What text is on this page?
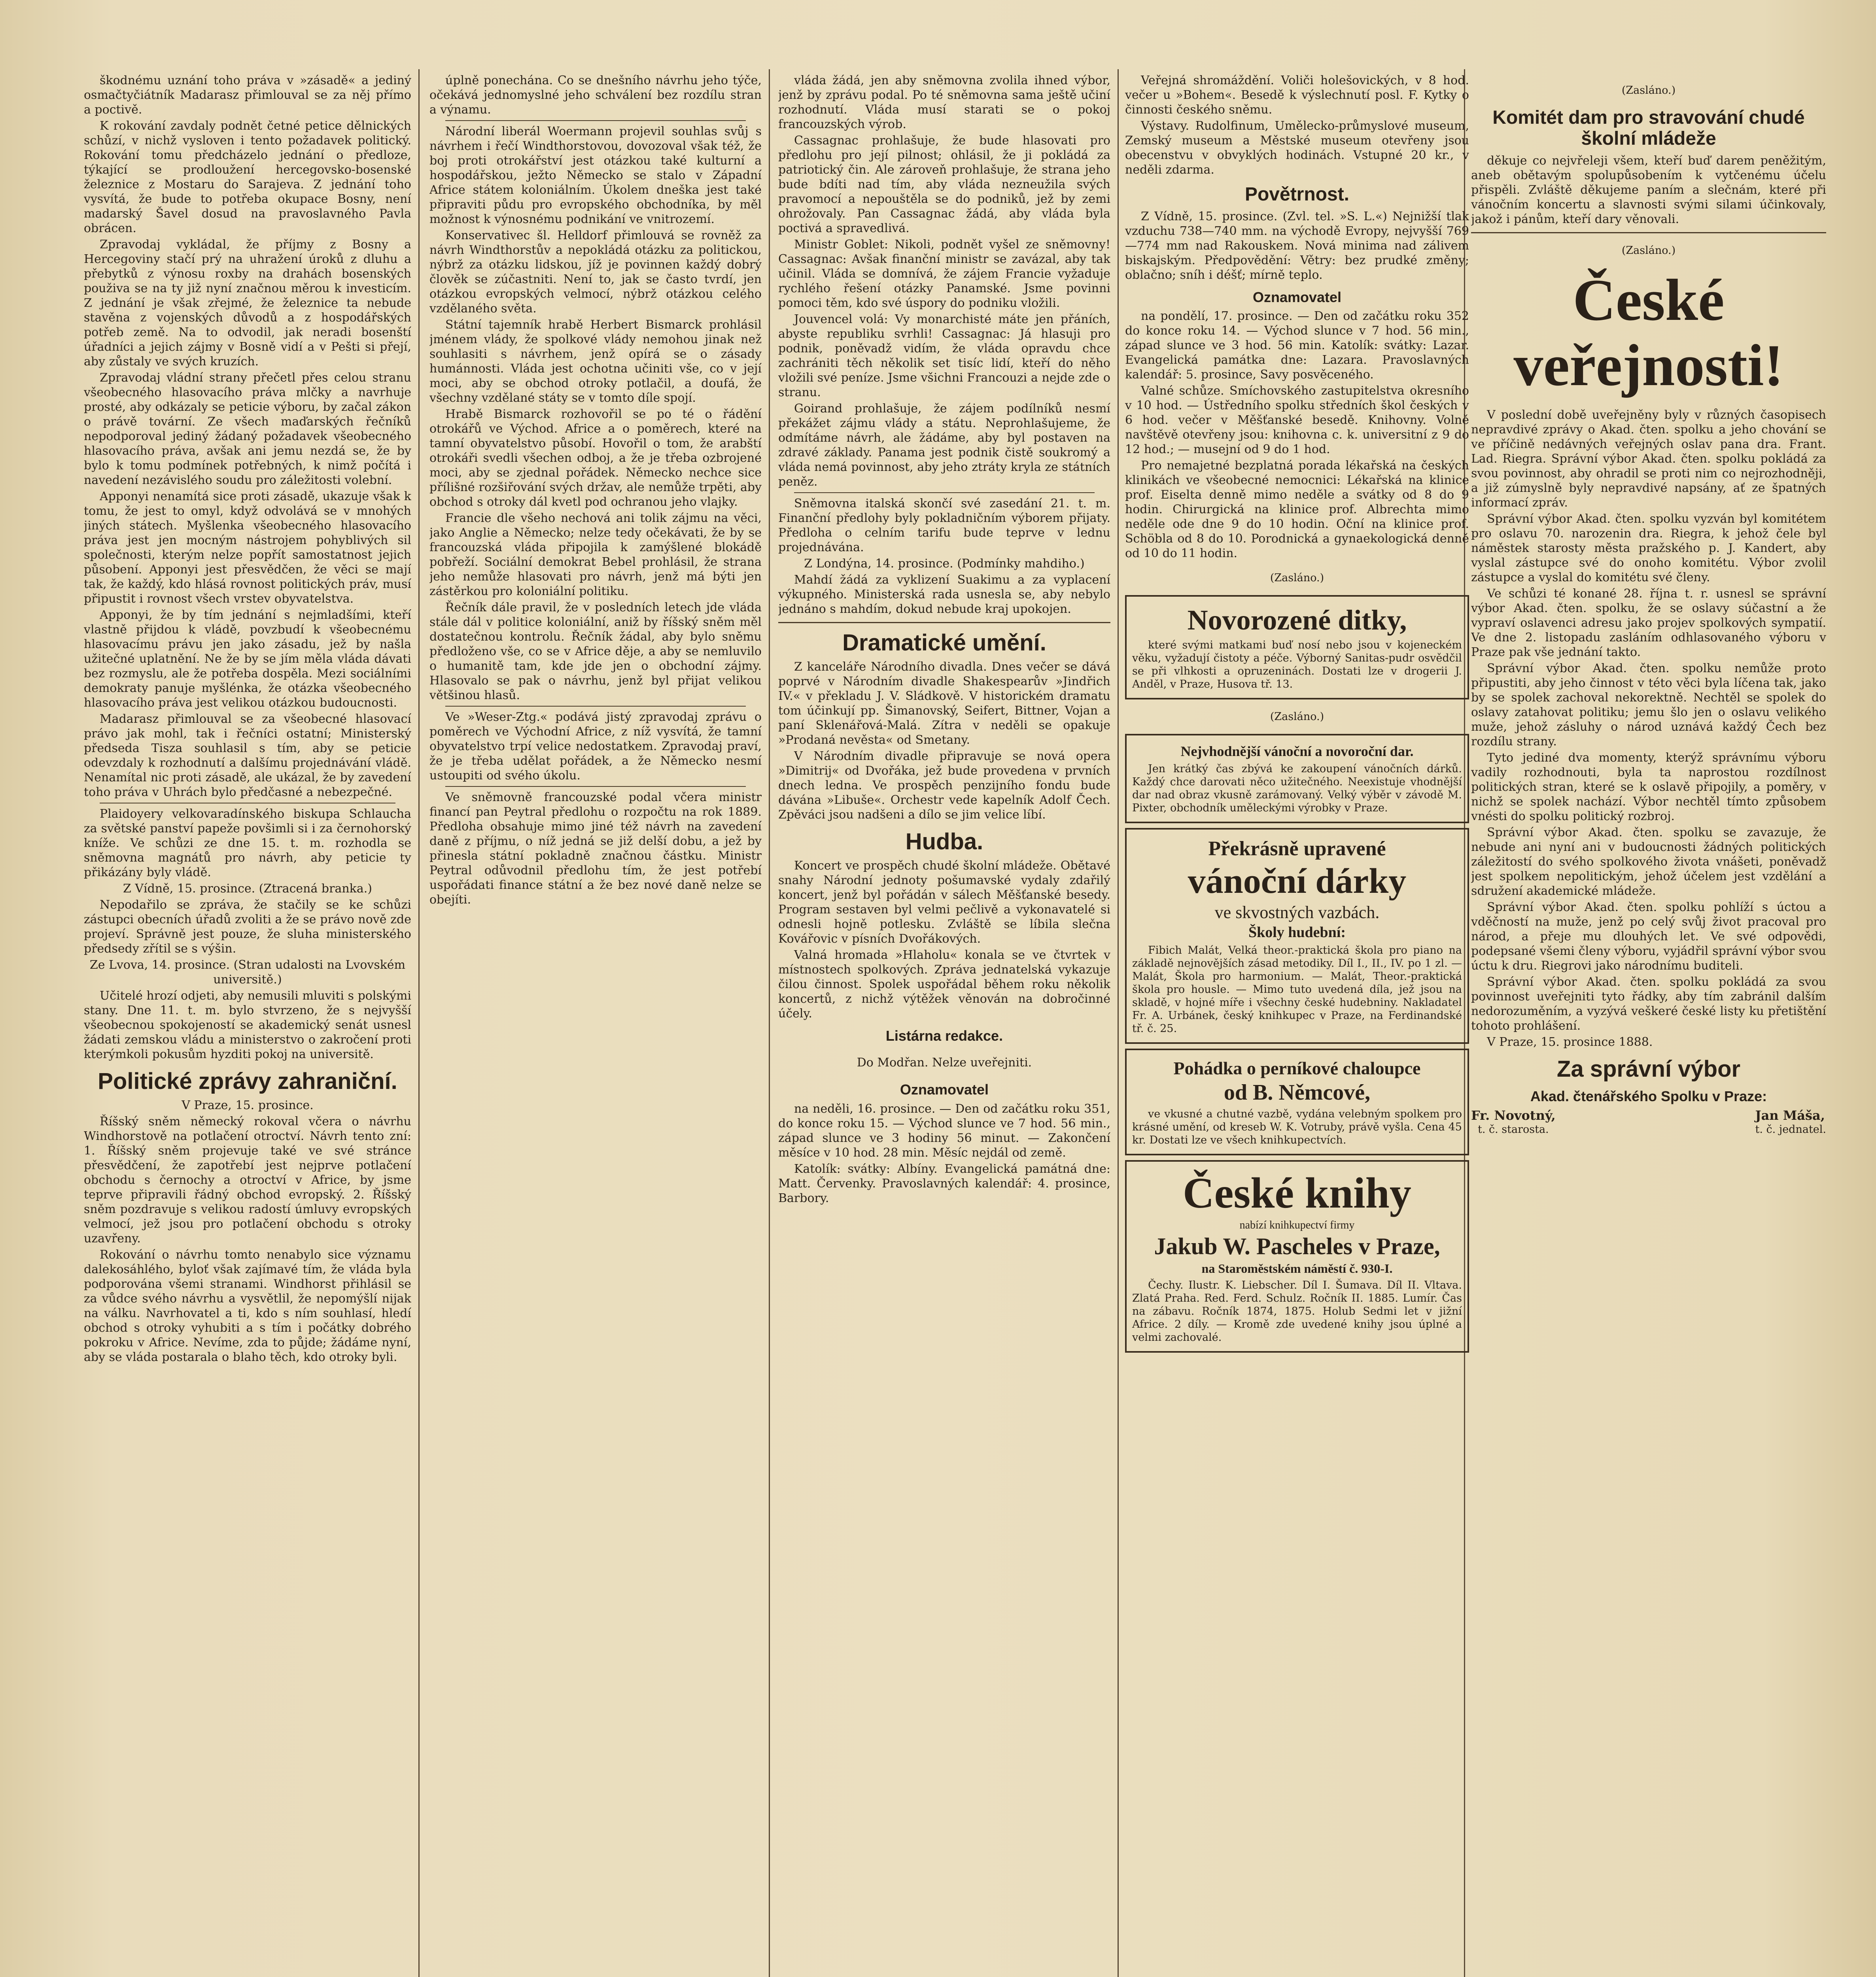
škodnému uznání toho práva v »zásadě« a jediný osmačtyčiátník Madarasz přimlouval se za něj přímo a poctivě.

K rokování zavdaly podnět četné petice dělnických schůzí, v nichž vysloven i tento požadavek politický. Rokování tomu předcházelo jednání o předloze, týkající se prodloužení hercegovsko-bosenské železnice z Mostaru do Sarajeva. Z jednání toho vysvítá, že bude to potřeba okupace Bosny, není madarský Šavel dosud na pravoslavného Pavla obrácen.

Zpravodaj vykládal, že příjmy z Bosny a Hercegoviny stačí prý na uhražení úroků z dluhu a přebytků z výnosu roxby na drahách bosenských použiva se na ty již nyní značnou měrou k investicím. Z jednání je však zřejmé, že železnice ta nebude stavěna z vojenských důvodů a z hospodářských potřeb země. Na to odvodil, jak neradi bosenští úřadníci a jejich zájmy v Bosně vidí a v Pešti si přejí, aby zůstaly ve svých kruzích.

Zpravodaj vládní strany přečetl přes celou stranu všeobecného hlasovacího práva mlčky a navrhuje prosté, aby odkázaly se peticie výboru, by začal zákon o právě tovární. Ze všech maďarských řečníků nepodporoval jediný žádaný požadavek všeobecného hlasovacího práva, avšak ani jemu nezdá se, že by bylo k tomu podmínek potřebných, k nimž počítá i navedení nezávislého soudu pro záležitosti volební.

Apponyi nenamítá sice proti zásadě, ukazuje však k tomu, že jest to omyl, když odvolává se v mnohých jiných státech. Myšlenka všeobecného hlasovacího práva jest jen mocným nástrojem pohyblivých sil společnosti, kterým nelze popřít samostatnost jejich působení. Apponyi jest přesvědčen, že věci se mají tak, že každý, kdo hlásá rovnost politických práv, musí připustit i rovnost všech vrstev obyvatelstva.

Apponyi, že by tím jednání s nejmladšími, kteří vlastně přijdou k vládě, povzbudí k všeobecnému hlasovacímu právu jen jako zásadu, jež by našla užitečné uplatnění. Ne že by se jím měla vláda dávati bez rozmyslu, ale že potřeba dospěla. Mezi sociálními demokraty panuje myšlénka, že otázka všeobecného hlasovacího práva jest velikou otázkou budoucnosti.

Madarasz přimlouval se za všeobecné hlasovací právo jak mohl, tak i řečníci ostatní; Ministerský předseda Tisza souhlasil s tím, aby se peticie odevzdaly k rozhodnutí a dalšímu projednávání vládě. Nenamítal nic proti zásadě, ale ukázal, že by zavedení toho práva v Uhrách bylo předčasné a nebezpečné.

Plaidoyery velkovaradínského biskupa Schlaucha za světské panství papeže povšimli si i za černohorský kníže. Ve schůzi ze dne 15. t. m. rozhodla se sněmovna magnátů pro návrh, aby peticie ty přikázány byly vládě.

Z Vídně, 15. prosince. (Ztracená branka.)

Nepodařilo se zpráva, že stačily se ke schůzi zástupci obecních úřadů zvoliti a že se právo nově zde projeví. Správně jest pouze, že sluha ministerského předsedy zřítil se s výšin.

Ze Lvova, 14. prosince. (Stran udalosti na Lvovském universitě.)

Učitelé hrozí odjeti, aby nemusili mluviti s polskými stany. Dne 11. t. m. bylo stvrzeno, že s nejvyšší všeobecnou spokojeností se akademický senát usnesl žádati zemskou vládu a ministerstvo o zakročení proti kterýmkoli pokusům hyzditi pokoj na universitě.

Politické zprávy zahraniční.

V Praze, 15. prosince.

Říšský sněm německý rokoval včera o návrhu Windhorstově na potlačení otroctví. Návrh tento zní: 1. Říšský sněm projevuje také ve své stránce přesvědčení, že zapotřebí jest nejprve potlačení obchodu s černochy a otroctví v Africe, by jsme teprve připravili řádný obchod evropský. 2. Říšský sněm pozdravuje s velikou radostí úmluvy evropských velmocí, jež jsou pro potlačení obchodu s otroky uzavřeny.

Rokování o návrhu tomto nenabylo sice významu dalekosáhlého, byloť však zajímavé tím, že vláda byla podporována všemi stranami. Windhorst přihlásil se za vůdce svého návrhu a vysvětlil, že nepomýšlí nijak na válku. Navrhovatel a ti, kdo s ním souhlasí, hledí obchod s otroky vyhubiti a s tím i počátky dobrého pokroku v Africe. Nevíme, zda to půjde; žádáme nyní, aby se vláda postarala o blaho těch, kdo otroky byli.

úplně ponechána. Co se dnešního návrhu jeho týče, očekává jednomyslné jeho schválení bez rozdílu stran a výnamu.

Národní liberál Woermann projevil souhlas svůj s návrhem i řečí Windthorstovou, dovozoval však též, že boj proti otrokářství jest otázkou také kulturní a hospodářskou, ježto Německo se stalo v Západní Africe státem koloniálním. Úkolem dneška jest také připraviti půdu pro evropského obchodníka, by měl možnost k výnosnému podnikání ve vnitrozemí.

Konservativec šl. Helldorf přimlouvá se rovněž za návrh Windthorstův a nepokládá otázku za politickou, nýbrž za otázku lidskou, jíž je povinnen každý dobrý člověk se zúčastniti. Není to, jak se často tvrdí, jen otázkou evropských velmocí, nýbrž otázkou celého vzdělaného světa.

Státní tajemník hrabě Herbert Bismarck prohlásil jménem vlády, že spolkové vlády nemohou jinak než souhlasiti s návrhem, jenž opírá se o zásady humánnosti. Vláda jest ochotna učiniti vše, co v její moci, aby se obchod otroky potlačil, a doufá, že všechny vzdělané státy se v tomto díle spojí.

Hrabě Bismarck rozhovořil se po té o řádění otrokářů ve Východ. Africe a o poměrech, které na tamní obyvatelstvo působí. Hovořil o tom, že arabští otrokáři svedli všechen odboj, a že je třeba ozbrojené moci, aby se zjednal pořádek. Německo nechce sice přílišné rozšiřování svých držav, ale nemůže trpěti, aby obchod s otroky dál kvetl pod ochranou jeho vlajky.

Francie dle všeho nechová ani tolik zájmu na věci, jako Anglie a Německo; nelze tedy očekávati, že by se francouzská vláda připojila k zamýšlené blokádě pobřeží. Sociální demokrat Bebel prohlásil, že strana jeho nemůže hlasovati pro návrh, jenž má býti jen zástěrkou pro koloniální politiku.

Řečník dále pravil, že v posledních letech jde vláda stále dál v politice koloniální, aniž by říšský sněm měl dostatečnou kontrolu. Řečník žádal, aby bylo sněmu předloženo vše, co se v Africe děje, a aby se nemluvilo o humanitě tam, kde jde jen o obchodní zájmy. Hlasovalo se pak o návrhu, jenž byl přijat velikou většinou hlasů.

Ve »Weser-Ztg.« podává jistý zpravodaj zprávu o poměrech ve Východní Africe, z níž vysvítá, že tamní obyvatelstvo trpí velice nedostatkem. Zpravodaj praví, že je třeba udělat pořádek, a že Německo nesmí ustoupiti od svého úkolu.

Ve sněmovně francouzské podal včera ministr financí pan Peytral předlohu o rozpočtu na rok 1889. Předloha obsahuje mimo jiné též návrh na zavedení daně z příjmu, o níž jedná se již delší dobu, a jež by přinesla státní pokladně značnou částku. Ministr Peytral odůvodnil předlohu tím, že jest potřebí uspořádati finance státní a že bez nové daně nelze se obejíti.

vláda žádá, jen aby sněmovna zvolila ihned výbor, jenž by zprávu podal. Po té sněmovna sama ještě učiní rozhodnutí. Vláda musí starati se o pokoj francouzských výrob.

Cassagnac prohlašuje, že bude hlasovati pro předlohu pro její pilnost; ohlásil, že ji pokládá za patriotický čin. Ale zároveň prohlašuje, že strana jeho bude bdíti nad tím, aby vláda nezneužila svých pravomocí a nepouštěla se do podniků, jež by zemi ohrožovaly. Pan Cassagnac žádá, aby vláda byla poctivá a spravedlivá.

Ministr Goblet: Nikoli, podnět vyšel ze sněmovny! Cassagnac: Avšak finanční ministr se zavázal, aby tak učinil. Vláda se domnívá, že zájem Francie vyžaduje rychlého řešení otázky Panamské. Jsme povinni pomoci těm, kdo své úspory do podniku vložili.

Jouvencel volá: Vy monarchisté máte jen přáních, abyste republiku svrhli! Cassagnac: Já hlasuji pro podnik, poněvadž vidím, že vláda opravdu chce zachrániti těch několik set tisíc lidí, kteří do něho vložili své peníze. Jsme všichni Francouzi a nejde zde o stranu.

Goirand prohlašuje, že zájem podílníků nesmí překážet zájmu vlády a státu. Neprohlašujeme, že odmítáme návrh, ale žádáme, aby byl postaven na zdravé základy. Panama jest podnik čistě soukromý a vláda nemá povinnost, aby jeho ztráty kryla ze státních peněz.

Sněmovna italská skončí své zasedání 21. t. m. Finanční předlohy byly pokladničním výborem přijaty. Předloha o celním tarifu bude teprve v lednu projednávána.

Z Londýna, 14. prosince. (Podmínky mahdiho.)

Mahdí žádá za vyklizení Suakimu a za vyplacení výkupného. Ministerská rada usnesla se, aby nebylo jednáno s mahdím, dokud nebude kraj upokojen.

Dramatické umění.

Z kanceláře Národního divadla. Dnes večer se dává poprvé v Národním divadle Shakespearův »Jindřich IV.« v překladu J. V. Sládkově. V historickém dramatu tom účinkují pp. Šimanovský, Seifert, Bittner, Vojan a paní Sklenářová-Malá. Zítra v neděli se opakuje »Prodaná nevěsta« od Smetany.

V Národním divadle připravuje se nová opera »Dimitrij« od Dvořáka, jež bude provedena v prvních dnech ledna. Ve prospěch penzijního fondu bude dávána »Libuše«. Orchestr vede kapelník Adolf Čech. Zpěváci jsou nadšeni a dílo se jim velice líbí.

Hudba.

Koncert ve prospěch chudé školní mládeže. Obětavé snahy Národní jednoty pošumavské vydaly zdařilý koncert, jenž byl pořádán v sálech Měšťanské besedy. Program sestaven byl velmi pečlivě a vykonavatelé si odnesli hojně potlesku. Zvláště se líbila slečna Kovářovic v písních Dvořákových.

Valná hromada »Hlaholu« konala se ve čtvrtek v místnostech spolkových. Zpráva jednatelská vykazuje čilou činnost. Spolek uspořádal během roku několik koncertů, z nichž výtěžek věnován na dobročinné účely.

Listárna redakce.

Do Modřan. Nelze uveřejniti.

Oznamovatel

na neděli, 16. prosince. — Den od začátku roku 351, do konce roku 15. — Východ slunce ve 7 hod. 56 min., západ slunce ve 3 hodiny 56 minut. — Zakončení měsíce v 10 hod. 28 min. Měsíc nejdál od země.

Katolík: svátky: Albíny. Evangelická památná dne: Matt. Červenky. Pravoslavných kalendář: 4. prosince, Barbory.

Veřejná shromáždění. Voliči holešovických, v 8 hod. večer u »Bohem«. Besedě k výslechnutí posl. F. Kytky o činnosti českého sněmu.

Výstavy. Rudolfinum, Umělecko-průmyslové museum, Zemský museum a Městské museum otevřeny jsou obecenstvu v obvyklých hodinách. Vstupné 20 kr., v neděli zdarma.

Povětrnost.

Z Vídně, 15. prosince. (Zvl. tel. »S. L.«) Nejnižší tlak vzduchu 738—740 mm. na východě Evropy, nejvyšší 769—774 mm nad Rakouskem. Nová minima nad zálivem biskajským. Předpovědění: Větry: bez prudké změny; oblačno; sníh i déšť; mírně teplo.

Oznamovatel

na pondělí, 17. prosince. — Den od začátku roku 352 do konce roku 14. — Východ slunce v 7 hod. 56 min., západ slunce ve 3 hod. 56 min. Katolík: svátky: Lazar. Evangelická památka dne: Lazara. Pravoslavných kalendář: 5. prosince, Savy posvěceného.

Valné schůze. Smíchovského zastupitelstva okresního v 10 hod. — Ústředního spolku středních škol českých v 6 hod. večer v Měšťanské besedě. Knihovny. Volně navštěvě otevřeny jsou: knihovna c. k. universitní z 9 do 12 hod.; — musejní od 9 do 1 hod.

Pro nemajetné bezplatná porada lékařská na českých klinikách ve všeobecné nemocnici: Lékařská na klinice prof. Eiselta denně mimo neděle a svátky od 8 do 9 hodin. Chirurgická na klinice prof. Albrechta mimo neděle ode dne 9 do 10 hodin. Oční na klinice prof. Schöbla od 8 do 10. Porodnická a gynaekologická denně od 10 do 11 hodin.

(Zasláno.)

Novorozené ditky,

které svými matkami buď nosí nebo jsou v kojeneckém věku, vyžadují čistoty a péče. Výborný Sanitas-pudr osvědčil se při vlhkosti a opruzeninách. Dostati lze v drogerii J. Anděl, v Praze, Husova tř. 13.

(Zasláno.)

Nejvhodnější vánoční a novoroční dar.

Jen krátký čas zbývá ke zakoupení vánočních dárků. Každý chce darovati něco užitečného. Neexistuje vhodnější dar nad obraz vkusně zarámovaný. Velký výběr v závodě M. Pixter, obchodník uměleckými výrobky v Praze.

Překrásně upravené
vánoční dárky
ve skvostných vazbách.
Školy hudební:

Fibich Malát, Velká theor.-praktická škola pro piano na základě nejnovějších zásad metodiky. Díl I., II., IV. po 1 zl. — Malát, Škola pro harmonium. — Malát, Theor.-praktická škola pro housle. — Mimo tuto uvedená díla, jež jsou na skladě, v hojné míře i všechny české hudebniny. Nakladatel Fr. A. Urbánek, český knihkupec v Praze, na Ferdinandské tř. č. 25.

Pohádka o perníkové chaloupce
od B. Němcové,

ve vkusné a chutné vazbě, vydána velebným spolkem pro krásné umění, od kreseb W. K. Votruby, právě vyšla. Cena 45 kr. Dostati lze ve všech knihkupectvích.

České knihy
nabízí knihkupectví firmy
Jakub W. Pascheles v Praze,
na Staroměstském náměstí č. 930-I.

Čechy. Ilustr. K. Liebscher. Díl I. Šumava. Díl II. Vltava. Zlatá Praha. Red. Ferd. Schulz. Ročník II. 1885. Lumír. Čas na zábavu. Ročník 1874, 1875. Holub Sedmi let v jižní Africe. 2 díly. — Kromě zde uvedené knihy jsou úplné a velmi zachovalé.

(Zasláno.)

Komitét dam pro stravování chudé školní mládeže

děkuje co nejvřeleji všem, kteří buď darem peněžitým, aneb obětavým spolupůsobením k vytčenému účelu přispěli. Zvláště děkujeme paním a slečnám, které při vánočním koncertu a slavnosti svými silami účinkovaly, jakož i pánům, kteří dary věnovali.

(Zasláno.)

České veřejnosti!

V poslední době uveřejněny byly v různých časopisech nepravdivé zprávy o Akad. čten. spolku a jeho chování se ve příčině nedávných veřejných oslav pana dra. Frant. Lad. Riegra. Správní výbor Akad. čten. spolku pokládá za svou povinnost, aby ohradil se proti nim co nejrozhodněji, a již zúmyslně byly nepravdivé napsány, ať ze špatných informací zpráv.

Správní výbor Akad. čten. spolku vyzván byl komitétem pro oslavu 70. narozenin dra. Riegra, k jehož čele byl náměstek starosty města pražského p. J. Kandert, aby vyslal zástupce své do onoho komitétu. Výbor zvolil zástupce a vyslal do komitétu své členy.

Ve schůzi té konané 28. října t. r. usnesl se správní výbor Akad. čten. spolku, že se oslavy súčastní a že vypraví oslavenci adresu jako projev spolkových sympatií. Ve dne 2. listopadu zasláním odhlasovaného výboru v Praze pak vše jednání takto.

Správní výbor Akad. čten. spolku nemůže proto připustiti, aby jeho činnost v této věci byla líčena tak, jako by se spolek zachoval nekorektně. Nechtěl se spolek do oslavy zatahovat politiku; jemu šlo jen o oslavu velikého muže, jehož zásluhy o národ uznává každý Čech bez rozdílu strany.

Tyto jediné dva momenty, kterýž správnímu výboru vadily rozhodnouti, byla ta naprostou rozdílnost politických stran, které se k oslavě připojily, a poměry, v nichž se spolek nachází. Výbor nechtěl tímto způsobem vnésti do spolku politický rozbroj.

Správní výbor Akad. čten. spolku se zavazuje, že nebude ani nyní ani v budoucnosti žádných politických záležitostí do svého spolkového života vnášeti, poněvadž jest spolkem nepolitickým, jehož účelem jest vzdělání a sdružení akademické mládeže.

Správní výbor Akad. čten. spolku pohlíží s úctou a vděčností na muže, jenž po celý svůj život pracoval pro národ, a přeje mu dlouhých let. Ve své odpovědi, podepsané všemi členy výboru, vyjádřil správní výbor svou úctu k dru. Riegrovi jako národnímu buditeli.

Správní výbor Akad. čten. spolku pokládá za svou povinnost uveřejniti tyto řádky, aby tím zabránil dalším nedorozuměním, a vyzývá veškeré české listy ku přetištění tohoto prohlášení.

V Praze, 15. prosince 1888.

Za správní výbor
Akad. čtenářského Spolku v Praze:
Fr. Novotný,
t. č. starosta.
Jan Máša,
t. č. jednatel.
